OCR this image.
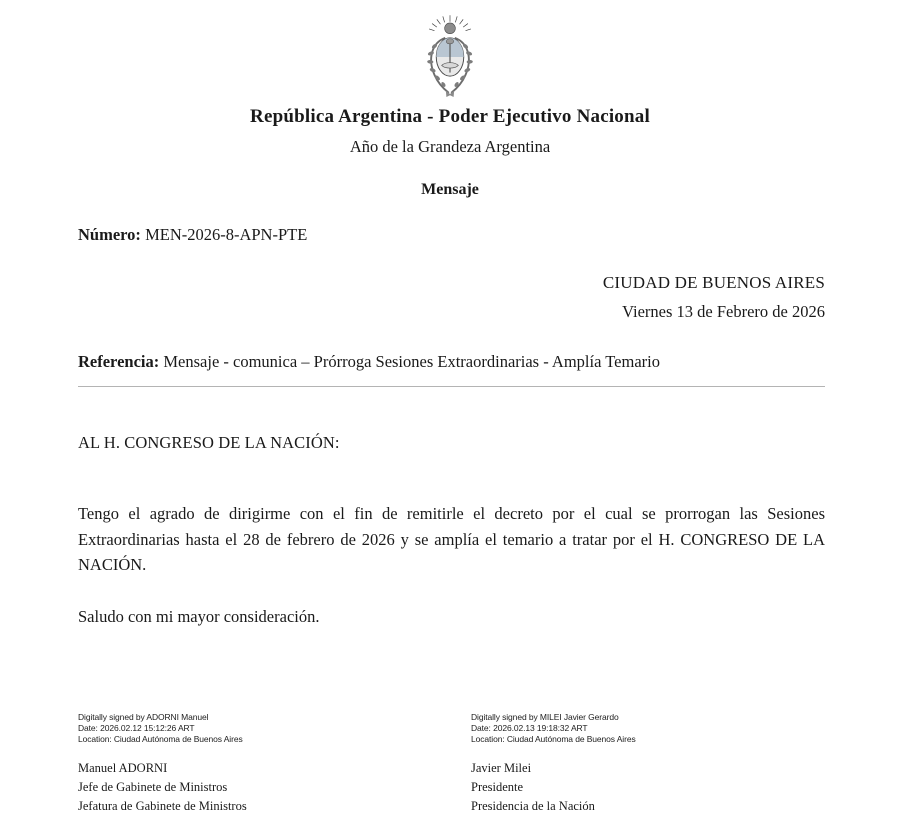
República Argentina - Poder Ejecutivo Nacional
Año de la Grandeza Argentina
Mensaje
Número: MEN-2026-8-APN-PTE
CIUDAD DE BUENOS AIRES
Viernes 13 de Febrero de 2026
Referencia: Mensaje - comunica – Prórroga Sesiones Extraordinarias - Amplía Temario
AL H. CONGRESO DE LA NACIÓN:
Tengo el agrado de dirigirme con el fin de remitirle el decreto por el cual se prorrogan las Sesiones Extraordinarias hasta el 28 de febrero de 2026 y se amplía el temario a tratar por el H. CONGRESO DE LA NACIÓN.
Saludo con mi mayor consideración.
Digitally signed by ADORNI Manuel
Date: 2026.02.12 15:12:26 ART
Location: Ciudad Autónoma de Buenos Aires
Manuel ADORNI
Jefe de Gabinete de Ministros
Jefatura de Gabinete de Ministros
Digitally signed by MILEI Javier Gerardo
Date: 2026.02.13 19:18:32 ART
Location: Ciudad Autónoma de Buenos Aires
Javier Milei
Presidente
Presidencia de la Nación
